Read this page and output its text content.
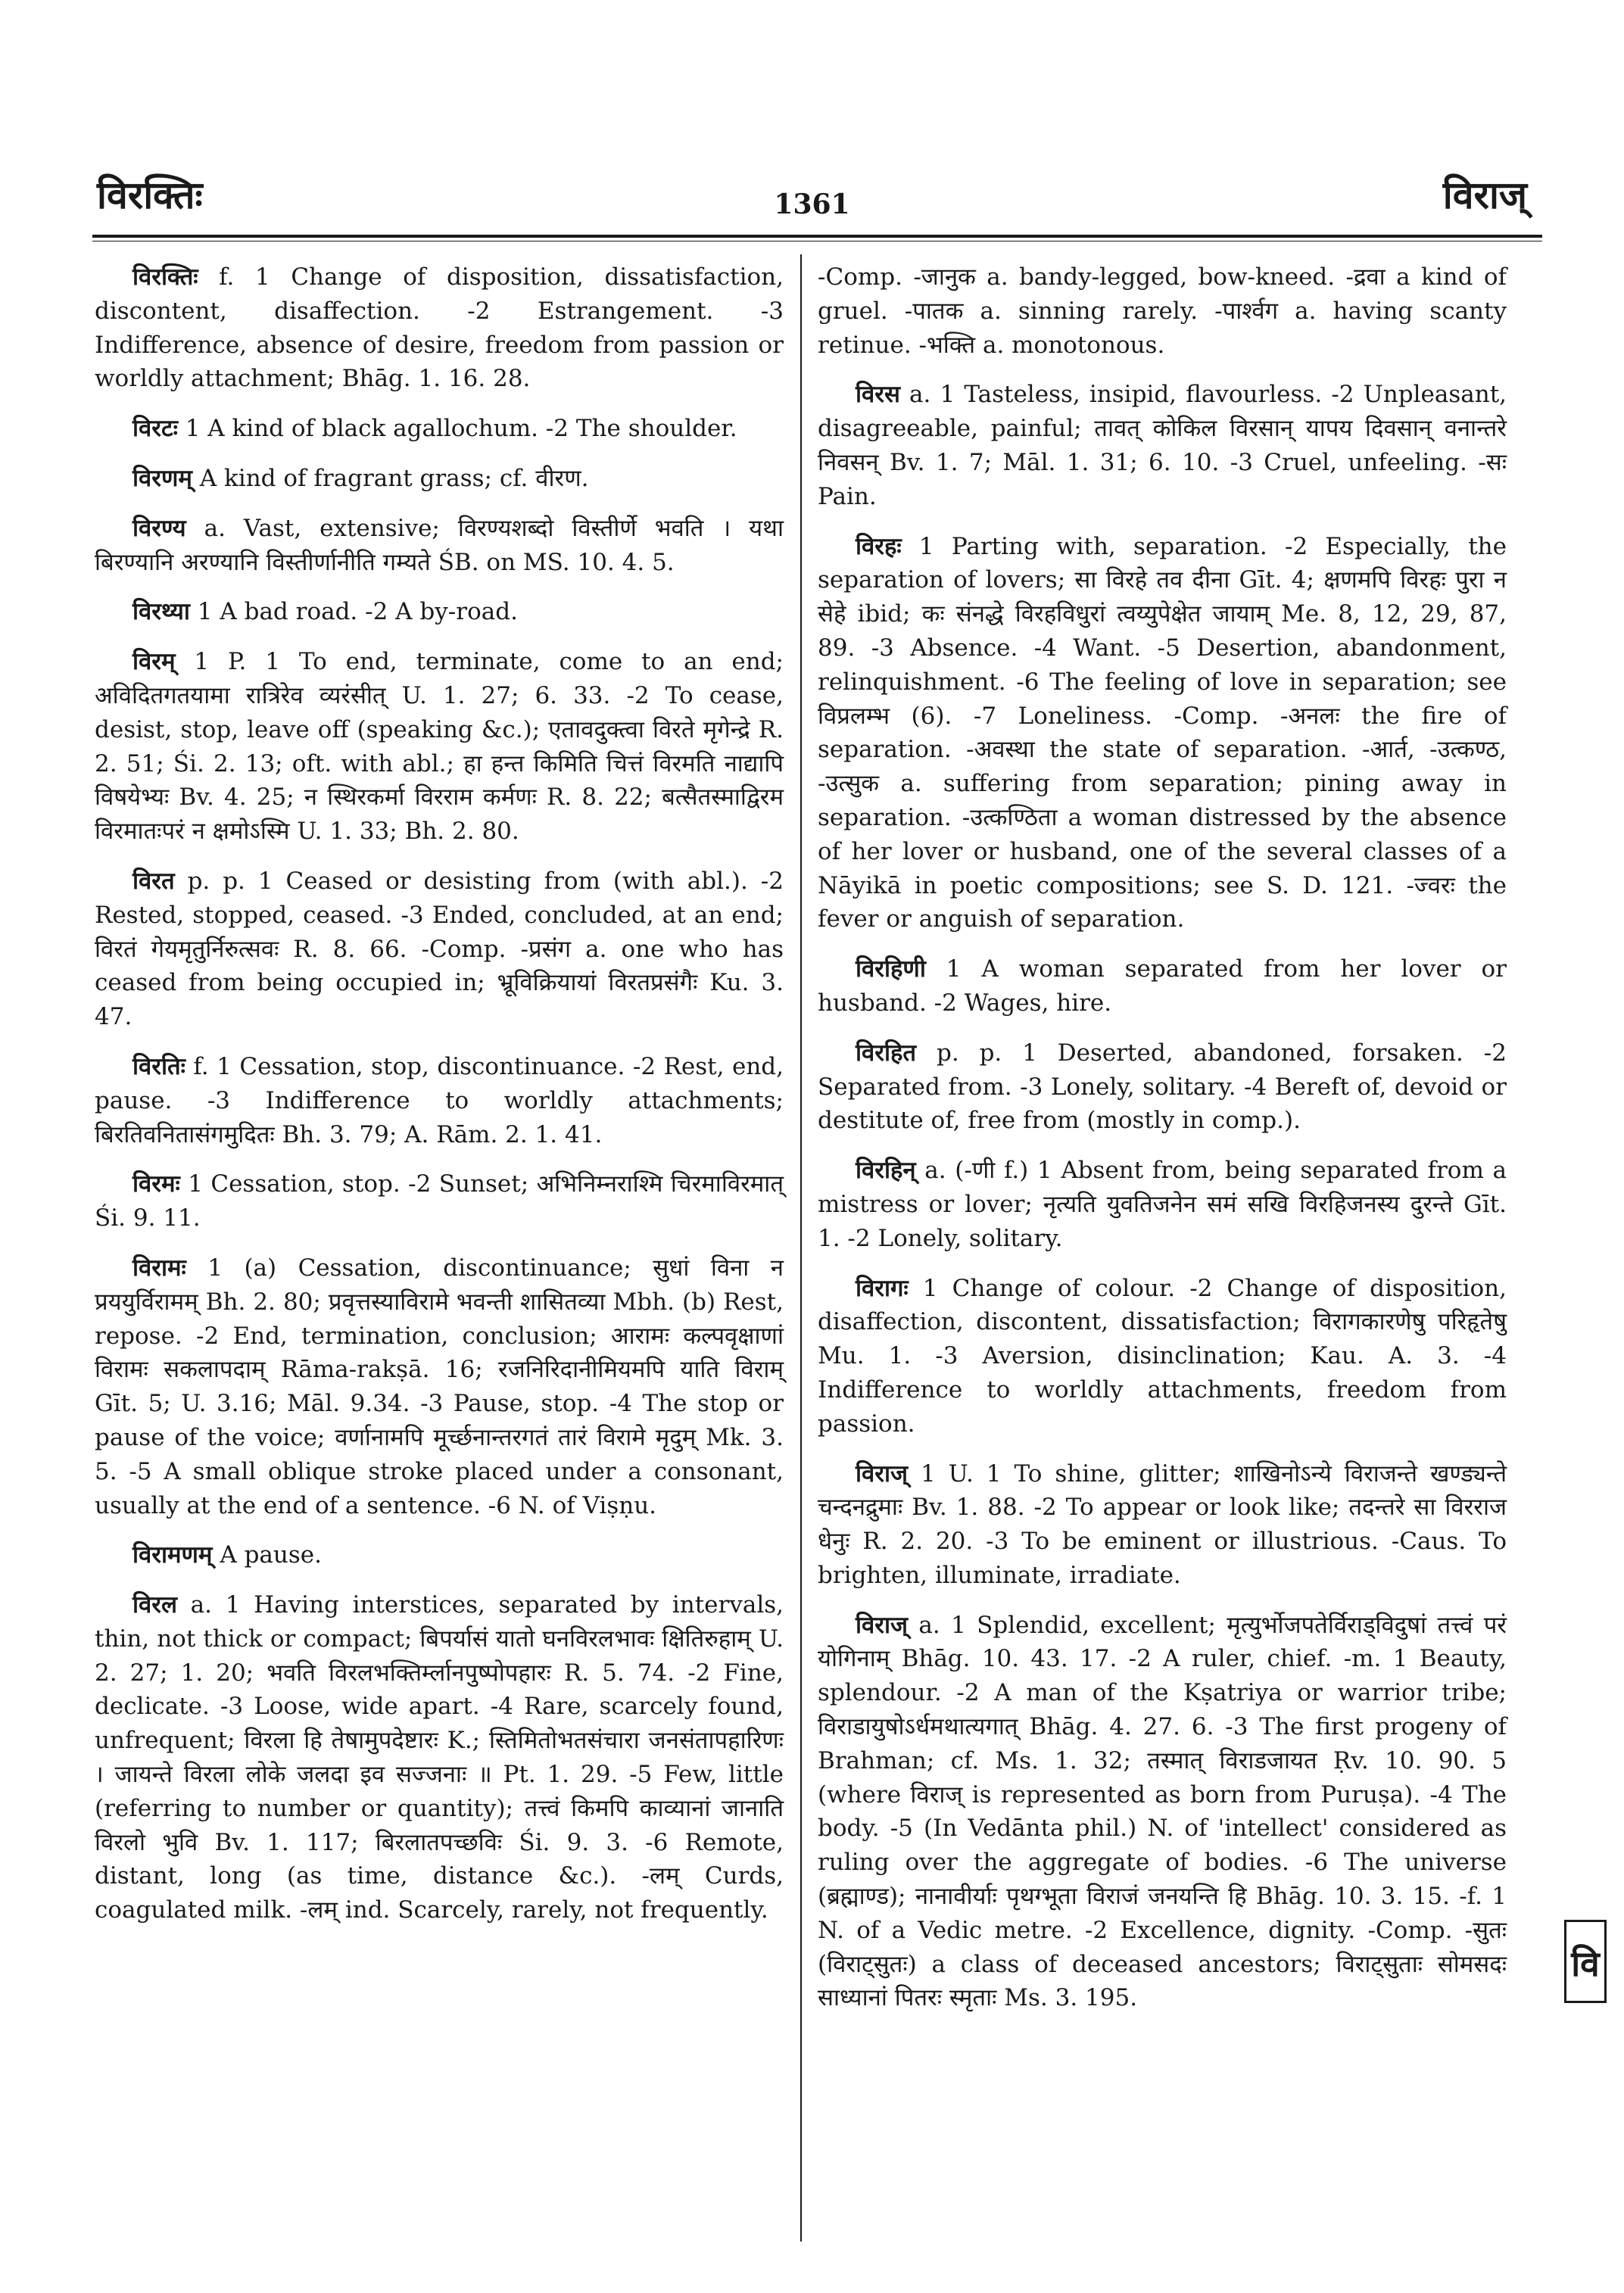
विरक्तिः	1361	विराज्

विरक्तिः f. 1 Change of disposition, dissatisfaction, discontent, disaffection. -2 Estrangement. -3 Indifference, absence of desire, freedom from passion or worldly attachment; Bhāg. 1. 16. 28.

विरटः 1 A kind of black agallochum. -2 The shoulder.

विरणम् A kind of fragrant grass; cf. वीरण.

विरण्य a. Vast, extensive; विरण्यशब्दो विस्तीर्णे भवति । यथा बिरण्यानि अरण्यानि विस्तीर्णानीति गम्यते ŚB. on MS. 10. 4. 5.

विरथ्या 1 A bad road. -2 A by-road.

विरम् 1 P. 1 To end, terminate, come to an end; अविदितगतयामा रात्रिरेव व्यरंसीत् U. 1. 27; 6. 33. -2 To cease, desist, stop, leave off (speaking &c.); एतावदुक्त्वा विरते मृगेन्द्रे R. 2. 51; Śi. 2. 13; oft. with abl.; हा हन्त किमिति चित्तं विरमति नाद्यापि विषयेभ्यः Bv. 4. 25; न स्थिरकर्मा विरराम कर्मणः R. 8. 22; बत्सैतस्माद्विरम विरमातःपरं न क्षमोऽस्मि U. 1. 33; Bh. 2. 80.

विरत p. p. 1 Ceased or desisting from (with abl.). -2 Rested, stopped, ceased. -3 Ended, concluded, at an end; विरतं गेयमृतुर्निरुत्सवः R. 8. 66. -Comp. -प्रसंग a. one who has ceased from being occupied in; भ्रूविक्रियायां विरतप्रसंगैः Ku. 3. 47.

विरतिः f. 1 Cessation, stop, discontinuance. -2 Rest, end, pause. -3 Indifference to worldly attachments; बिरतिवनितासंगमुदितः Bh. 3. 79; A. Rām. 2. 1. 41.

विरमः 1 Cessation, stop. -2 Sunset; अभिनिम्नराश्मि चिरमाविरमात् Śi. 9. 11.

विरामः 1 (a) Cessation, discontinuance; सुधां विना न प्रययुर्विरामम् Bh. 2. 80; प्रवृत्तस्याविरामे भवन्ती शासितव्या Mbh. (b) Rest, repose. -2 End, termination, conclusion; आरामः कल्पवृक्षाणां विरामः सकलापदाम् Rāma-rakṣā. 16; रजनिरिदानीमियमपि याति विराम् Gīt. 5; U. 3.16; Māl. 9.34. -3 Pause, stop. -4 The stop or pause of the voice; वर्णानामपि मूर्च्छनान्तरगतं तारं विरामे मृदुम् Mk. 3. 5. -5 A small oblique stroke placed under a consonant, usually at the end of a sentence. -6 N. of Viṣṇu.

विरामणम् A pause.

विरल a. 1 Having interstices, separated by intervals, thin, not thick or compact; बिपर्यासं यातो घनविरलभावः क्षितिरुहाम् U. 2. 27; 1. 20; भवति विरलभक्तिर्म्लानपुष्पोपहारः R. 5. 74. -2 Fine, declicate. -3 Loose, wide apart. -4 Rare, scarcely found, unfrequent; विरला हि तेषामुपदेष्टारः K.; स्तिमितोभतसंचारा जनसंतापहारिणः । जायन्ते विरला लोके जलदा इव सज्जनाः ॥ Pt. 1. 29. -5 Few, little (referring to number or quantity); तत्त्वं किमपि काव्यानां जानाति विरलो भुवि Bv. 1. 117; बिरलातपच्छविः Śi. 9. 3. -6 Remote, distant, long (as time, distance &c.). -लम् Curds, coagulated milk. -लम् ind. Scarcely, rarely, not frequently.

-Comp. -जानुक a. bandy-legged, bow-kneed. -द्रवा a kind of gruel. -पातक a. sinning rarely. -पार्श्वग a. having scanty retinue. -भक्ति a. monotonous.

विरस a. 1 Tasteless, insipid, flavourless. -2 Unpleasant, disagreeable, painful; तावत् कोकिल विरसान् यापय दिवसान् वनान्तरे निवसन् Bv. 1. 7; Māl. 1. 31; 6. 10. -3 Cruel, unfeeling. -सः Pain.

विरहः 1 Parting with, separation. -2 Especially, the separation of lovers; सा विरहे तव दीना Gīt. 4; क्षणमपि विरहः पुरा न सेहे ibid; कः संनद्धे विरहविधुरां त्वय्युपेक्षेत जायाम् Me. 8, 12, 29, 87, 89. -3 Absence. -4 Want. -5 Desertion, abandonment, relinquishment. -6 The feeling of love in separation; see विप्रलम्भ (6). -7 Loneliness. -Comp. -अनलः the fire of separation. -अवस्था the state of separation. -आर्त, -उत्कण्ठ, -उत्सुक a. suffering from separation; pining away in separation. -उत्कण्ठिता a woman distressed by the absence of her lover or husband, one of the several classes of a Nāyikā in poetic compositions; see S. D. 121. -ज्वरः the fever or anguish of separation.

विरहिणी 1 A woman separated from her lover or husband. -2 Wages, hire.

विरहित p. p. 1 Deserted, abandoned, forsaken. -2 Separated from. -3 Lonely, solitary. -4 Bereft of, devoid or destitute of, free from (mostly in comp.).

विरहिन् a. (-णी f.) 1 Absent from, being separated from a mistress or lover; नृत्यति युवतिजनेन समं सखि विरहिजनस्य दुरन्ते Gīt. 1. -2 Lonely, solitary.

विरागः 1 Change of colour. -2 Change of disposition, disaffection, discontent, dissatisfaction; विरागकारणेषु परिहृतेषु Mu. 1. -3 Aversion, disinclination; Kau. A. 3. -4 Indifference to worldly attachments, freedom from passion.

विराज् 1 U. 1 To shine, glitter; शाखिनोऽन्ये विराजन्ते खण्ड्यन्ते चन्दनद्रुमाः Bv. 1. 88. -2 To appear or look like; तदन्तरे सा विरराज धेनुः R. 2. 20. -3 To be eminent or illustrious. -Caus. To brighten, illuminate, irradiate.

विराज् a. 1 Splendid, excellent; मृत्युर्भोजपतेर्विराड्विदुषां तत्त्वं परं योगिनाम् Bhāg. 10. 43. 17. -2 A ruler, chief. -m. 1 Beauty, splendour. -2 A man of the Kṣatriya or warrior tribe; विराडायुषोऽर्धमथात्यगात् Bhāg. 4. 27. 6. -3 The first progeny of Brahman; cf. Ms. 1. 32; तस्मात् विराडजायत Ṛv. 10. 90. 5 (where विराज् is represented as born from Puruṣa). -4 The body. -5 (In Vedānta phil.) N. of 'intellect' considered as ruling over the aggregate of bodies. -6 The universe (ब्रह्माण्ड); नानावीर्याः पृथग्भूता विराजं जनयन्ति हि Bhāg. 10. 3. 15. -f. 1 N. of a Vedic metre. -2 Excellence, dignity. -Comp. -सुतः (विराट्सुतः) a class of deceased ancestors; विराट्सुताः सोमसदः साध्यानां पितरः स्मृताः Ms. 3. 195.

वि
